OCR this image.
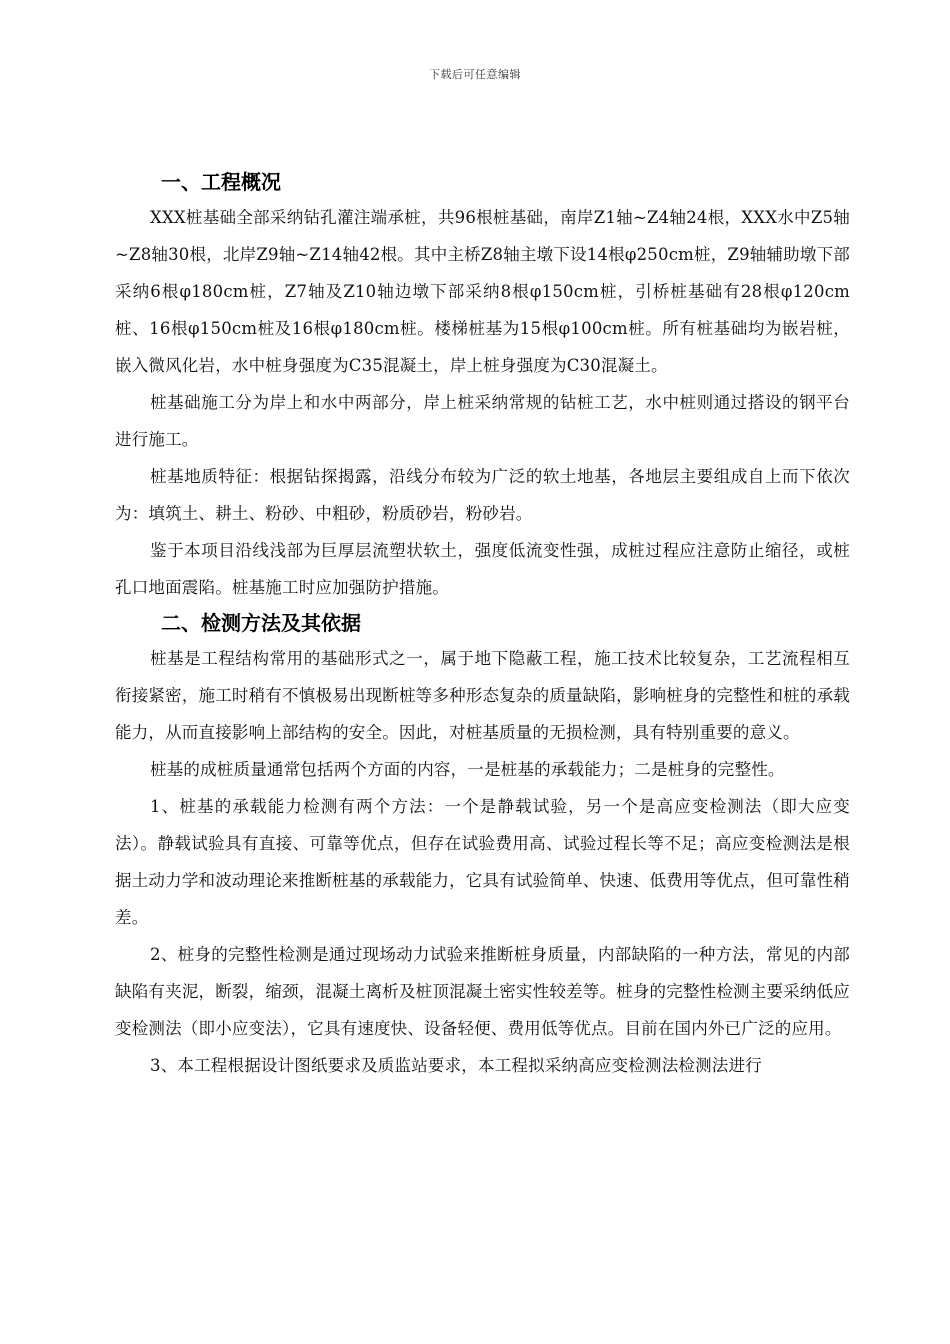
下载后可任意编辑
一、工程概况

XXX桩基础全部采纳钻孔灌注端承桩，共96根桩基础，南岸Z1轴~Z4轴24根，XXX水中Z5轴~Z8轴30根，北岸Z9轴~Z14轴42根。其中主桥Z8轴主墩下设14根φ250cm桩，Z9轴辅助墩下部采纳6根φ180cm桩，Z7轴及Z10轴边墩下部采纳8根φ150cm桩，引桥桩基础有28根φ120cm桩、16根φ150cm桩及16根φ180cm桩。楼梯桩基为15根φ100cm桩。所有桩基础均为嵌岩桩，嵌入微风化岩，水中桩身强度为C35混凝土，岸上桩身强度为C30混凝土。

桩基础施工分为岸上和水中两部分，岸上桩采纳常规的钻桩工艺，水中桩则通过搭设的钢平台进行施工。

桩基地质特征：根据钻探揭露，沿线分布较为广泛的软土地基，各地层主要组成自上而下依次为：填筑土、耕土、粉砂、中粗砂，粉质砂岩，粉砂岩。

鉴于本项目沿线浅部为巨厚层流塑状软土，强度低流变性强，成桩过程应注意防止缩径，或桩孔口地面震陷。桩基施工时应加强防护措施。

二、检测方法及其依据

桩基是工程结构常用的基础形式之一，属于地下隐蔽工程，施工技术比较复杂，工艺流程相互衔接紧密，施工时稍有不慎极易出现断桩等多种形态复杂的质量缺陷，影响桩身的完整性和桩的承载能力，从而直接影响上部结构的安全。因此，对桩基质量的无损检测，具有特别重要的意义。

桩基的成桩质量通常包括两个方面的内容，一是桩基的承载能力；二是桩身的完整性。

1、桩基的承载能力检测有两个方法：一个是静载试验，另一个是高应变检测法（即大应变法）。静载试验具有直接、可靠等优点，但存在试验费用高、试验过程长等不足；高应变检测法是根据土动力学和波动理论来推断桩基的承载能力，它具有试验简单、快速、低费用等优点，但可靠性稍差。

2、桩身的完整性检测是通过现场动力试验来推断桩身质量，内部缺陷的一种方法，常见的内部缺陷有夹泥，断裂，缩颈，混凝土离析及桩顶混凝土密实性较差等。桩身的完整性检测主要采纳低应变检测法（即小应变法），它具有速度快、设备轻便、费用低等优点。目前在国内外已广泛的应用。

3、本工程根据设计图纸要求及质监站要求，本工程拟采纳高应变检测法检测法进行
